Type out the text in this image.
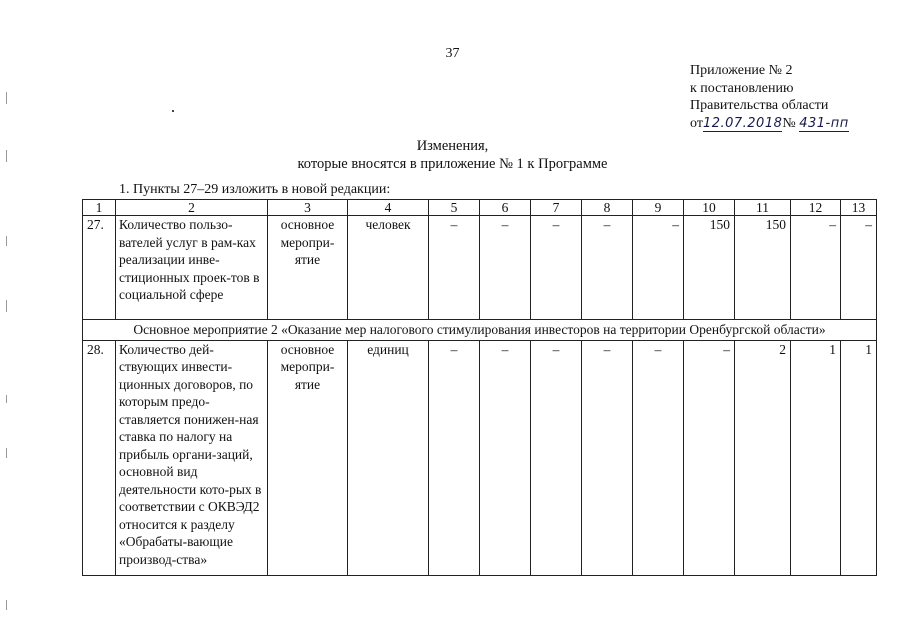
37
Приложение № 2
к постановлению
Правительства области
от12.07.2018№ 431-пп
Изменения,
которые вносятся в приложение № 1 к Программе
1. Пункты 27–29 изложить в новой редакции:
1	2	3	4	5	6	7	8	9	10	11	12	13
27.	Количество пользо-вателей услуг в рам-ках реализации инве-стиционных проек-тов в социальной сфере	основное меропри-ятие	человек	–	–	–	–	–	150	150	–	–
Основное мероприятие 2 «Оказание мер налогового стимулирования инвесторов на территории Оренбургской области»												
28.	Количество дей-ствующих инвести-ционных договоров, по которым предо-ставляется понижен-ная ставка по налогу на прибыль органи-заций, основной вид деятельности кото-рых в соответствии с ОКВЭД2 относится к разделу «Обрабаты-вающие производ-ства»	основное меропри-ятие	единиц	–	–	–	–	–	–	2	1	1
